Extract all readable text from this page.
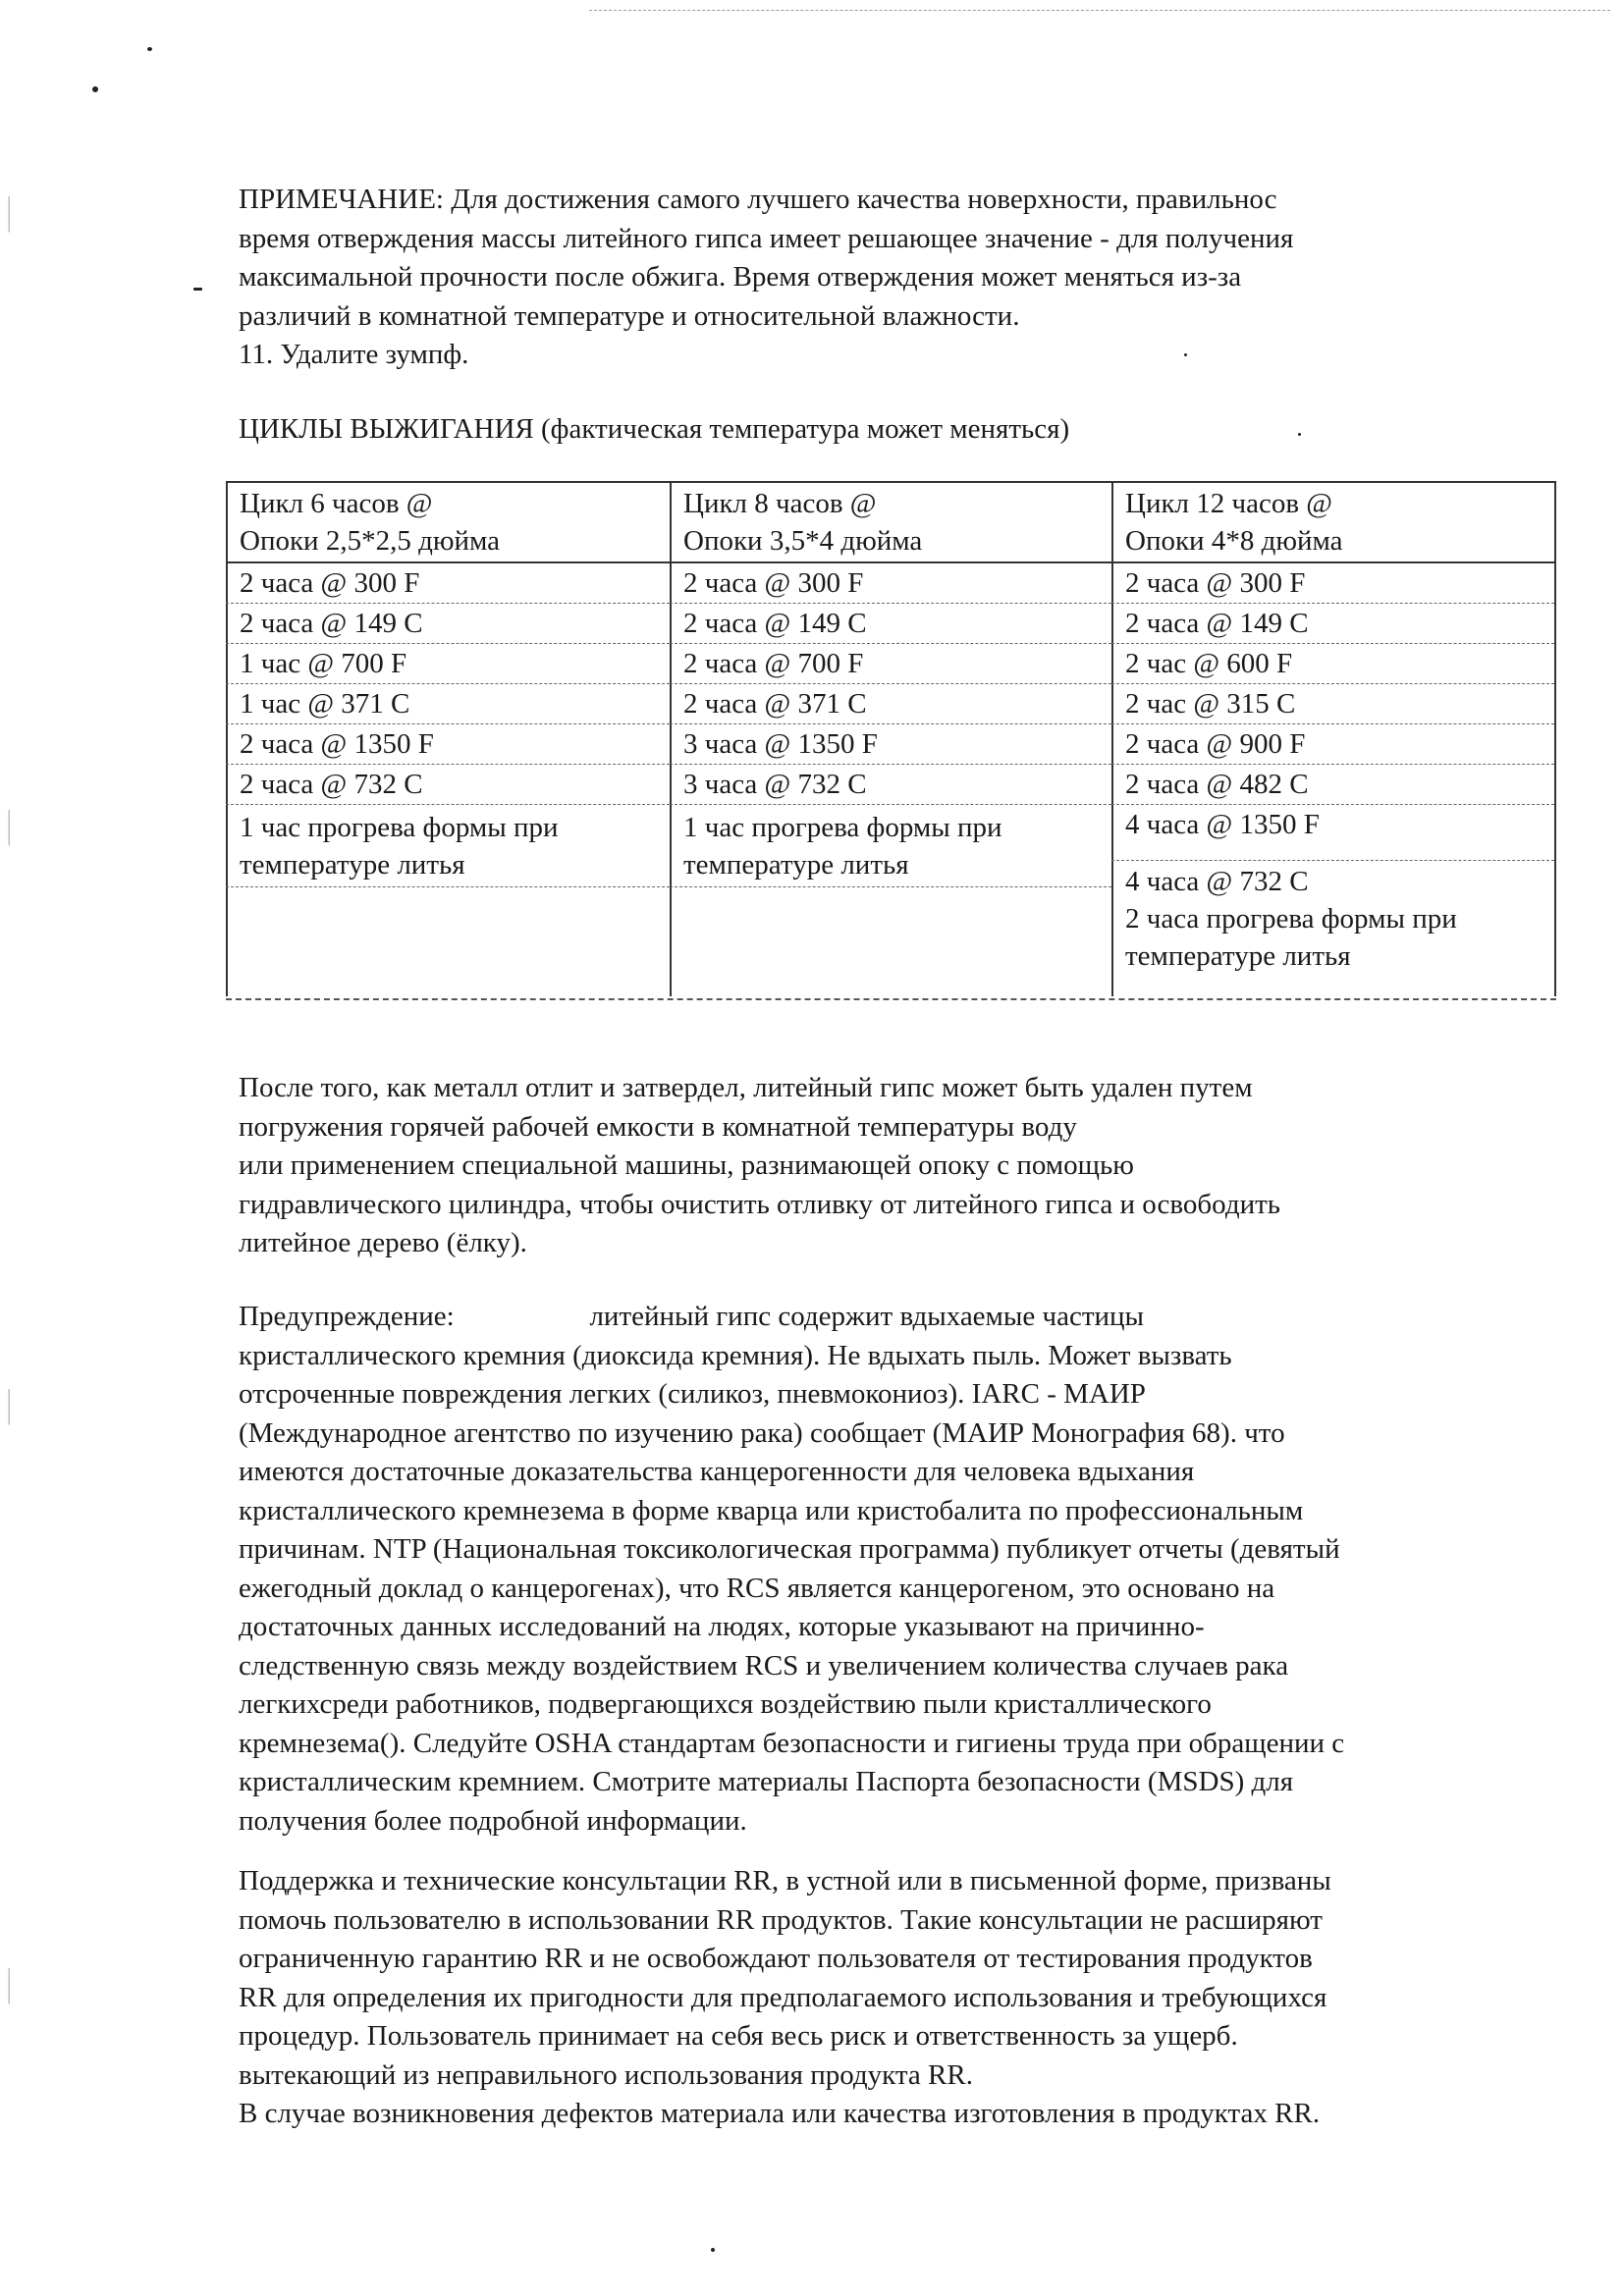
|
|
|
|
|
|
|
|
|
|
|
|
|
|
|
|

ПРИМЕЧАНИЕ: Для достижения самого лучшего качества новерхности, правильнос

время отверждения массы литейного гипса имеет решающее значение - для получения

максимальной прочности после обжига. Время отверждения может меняться из-за

различий в комнатной температуре и относительной влажности.

11. Удалите зумпф.

ЦИКЛЫ ВЫЖИГАНИЯ (фактическая температура может меняться)
Цикл 6 часов @
Опоки 2,5*2,5 дюйма
2 часа @ 300 F
2 часа @ 149 C
1 час @ 700 F
1 час @ 371 C
2 часа @ 1350 F
2 часа @ 732 C
1 час прогрева формы при температуре литья
Цикл 8 часов @
Опоки 3,5*4 дюйма
2 часа @ 300 F
2 часа @ 149 C
2 часа @ 700 F
2 часа @ 371 C
3 часа @ 1350 F
3 часа @ 732 C
1 час прогрева формы при температуре литья
Цикл 12 часов @
Опоки 4*8 дюйма
2 часа @ 300 F
2 часа @ 149 C
2 час @ 600 F
2 час @ 315 C
2 часа @ 900 F
2 часа @ 482 C
4 часа @ 1350 F
4 часа @ 732 C
2 часа прогрева формы при
температуре литья

После того, как металл отлит и затвердел, литейный гипс может быть удален путем

погружения горячей рабочей емкости в комнатной температуры воду

или применением специальной машины, разнимающей опоку с помощью

гидравлического цилиндра, чтобы очистить отливку от литейного гипса и освободить

литейное дерево (ёлку).

Предупреждение:                   литейный гипс содержит вдыхаемые частицы

кристаллического кремния (диоксида кремния). Не вдыхать пыль. Может вызвать

отсроченные повреждения легких (силикоз, пневмокониоз). IARC - МАИР

(Международное агентство по изучению рака) сообщает (МАИР Монография 68). что

имеются достаточные доказательства канцерогенности для человека вдыхания

кристаллического кремнезема в форме кварца или кристобалита по профессиональным

причинам. NTP (Национальная токсикологическая программа) публикует отчеты (девятый

ежегодный доклад о канцерогенах), что RCS является канцерогеном, это основано на

достаточных данных исследований на людях, которые указывают на причинно-

следственную связь между воздействием RCS и увеличением количества случаев рака

легкихсреди работников, подвергающихся воздействию пыли кристаллического

кремнезема(). Следуйте OSHA стандартам безопасности и гигиены труда при обращении с

кристаллическим кремнием. Смотрите материалы Паспорта безопасности (MSDS) для

получения более подробной информации.

Поддержка и технические консультации RR, в устной или в письменной форме, призваны

помочь пользователю в использовании RR продуктов. Такие консультации не расширяют

ограниченную гарантию RR и не освобождают пользователя от тестирования продуктов

RR для определения их пригодности для предполагаемого использования и требующихся

процедур. Пользователь принимает на себя весь риск и ответственность за ущерб.

вытекающий из неправильного использования продукта RR.

В случае возникновения дефектов материала или качества изготовления в продуктах RR.
